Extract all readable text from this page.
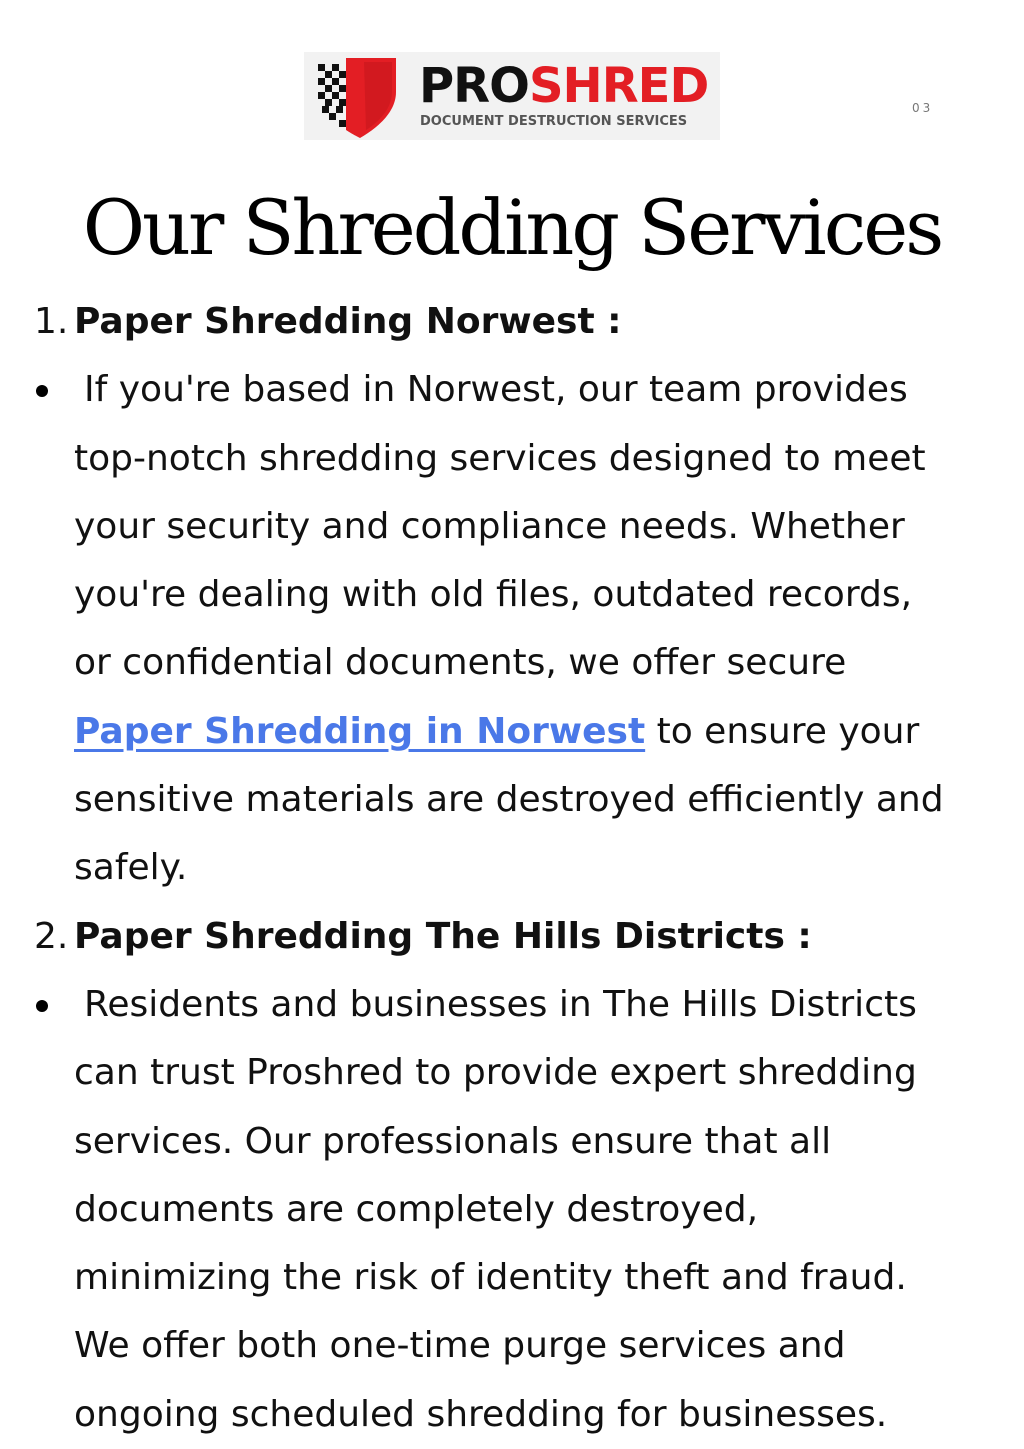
PROSHRED
DOCUMENT DESTRUCTION SERVICES
03
Our Shredding Services
1. Paper Shredding Norwest :
If you're based in Norwest, our team provides
top-notch shredding services designed to meet
your security and compliance needs. Whether
you're dealing with old files, outdated records,
or confidential documents, we offer secure
Paper Shredding in Norwest to ensure your
sensitive materials are destroyed efficiently and
safely.
2. Paper Shredding The Hills Districts :
Residents and businesses in The Hills Districts
can trust Proshred to provide expert shredding
services. Our professionals ensure that all
documents are completely destroyed,
minimizing the risk of identity theft and fraud.
We offer both one-time purge services and
ongoing scheduled shredding for businesses.
